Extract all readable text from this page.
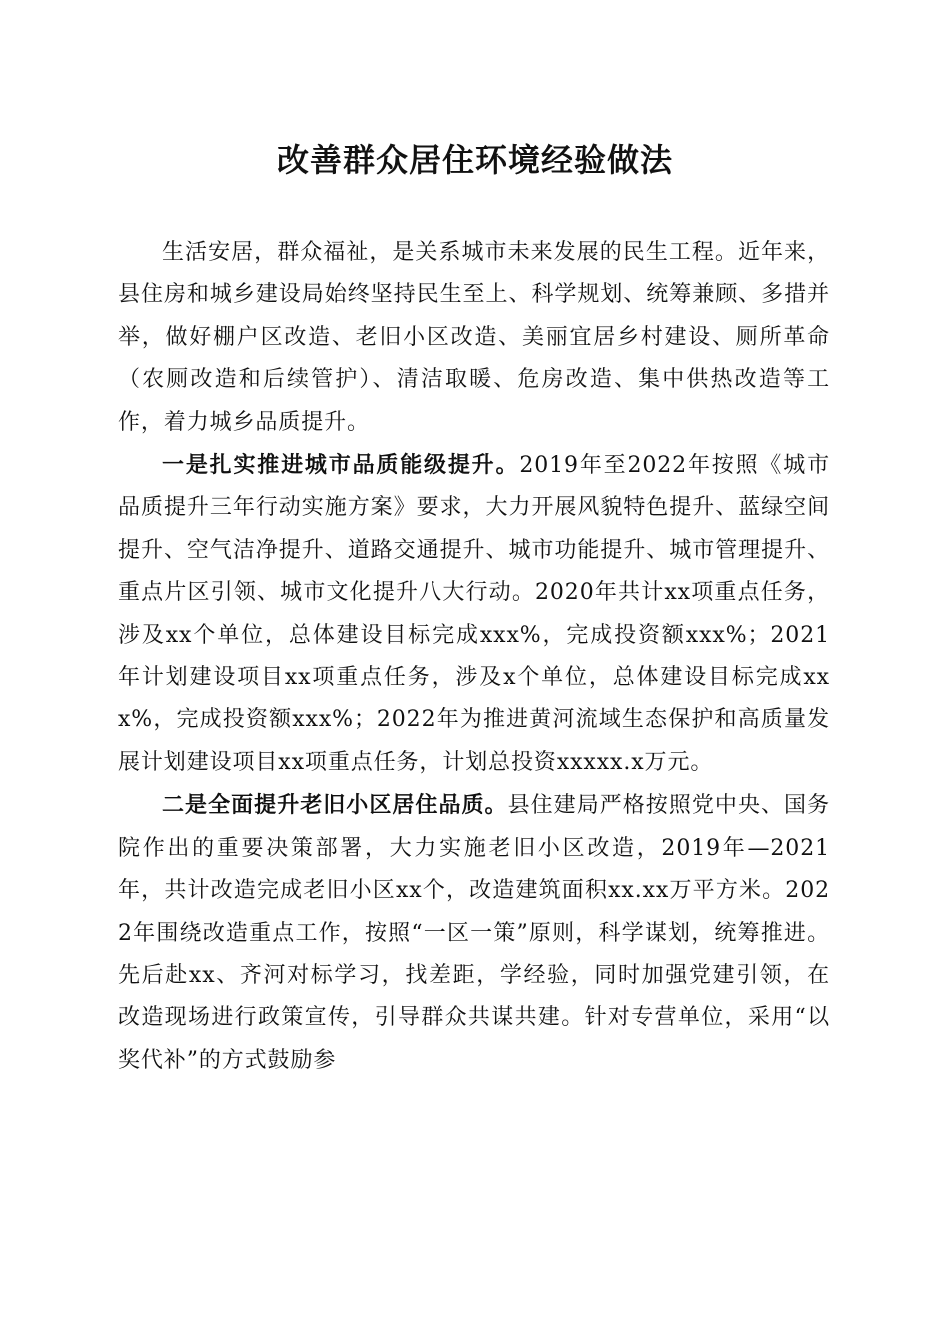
改善群众居住环境经验做法

生活安居，群众福祉，是关系城市未来发展的民生工程。近年来，县住房和城乡建设局始终坚持民生至上、科学规划、统筹兼顾、多措并举，做好棚户区改造、老旧小区改造、美丽宜居乡村建设、厕所革命（农厕改造和后续管护）、清洁取暖、危房改造、集中供热改造等工作，着力城乡品质提升。

一是扎实推进城市品质能级提升。2019年至2022年按照《城市品质提升三年行动实施方案》要求，大力开展风貌特色提升、蓝绿空间提升、空气洁净提升、道路交通提升、城市功能提升、城市管理提升、重点片区引领、城市文化提升八大行动。2020年共计xx项重点任务，涉及xx个单位，总体建设目标完成xxx%，完成投资额xxx%；2021年计划建设项目xx项重点任务，涉及x个单位，总体建设目标完成xxx%，完成投资额xxx%；2022年为推进黄河流域生态保护和高质量发展计划建设项目xx项重点任务，计划总投资xxxxx.x万元。

二是全面提升老旧小区居住品质。县住建局严格按照党中央、国务院作出的重要决策部署，大力实施老旧小区改造，2019年—2021年，共计改造完成老旧小区xx个，改造建筑面积xx.xx万平方米。2022年围绕改造重点工作，按照“一区一策”原则，科学谋划，统筹推进。先后赴xx、齐河对标学习，找差距，学经验，同时加强党建引领，在改造现场进行政策宣传，引导群众共谋共建。针对专营单位，采用“以奖代补”的方式鼓励参
